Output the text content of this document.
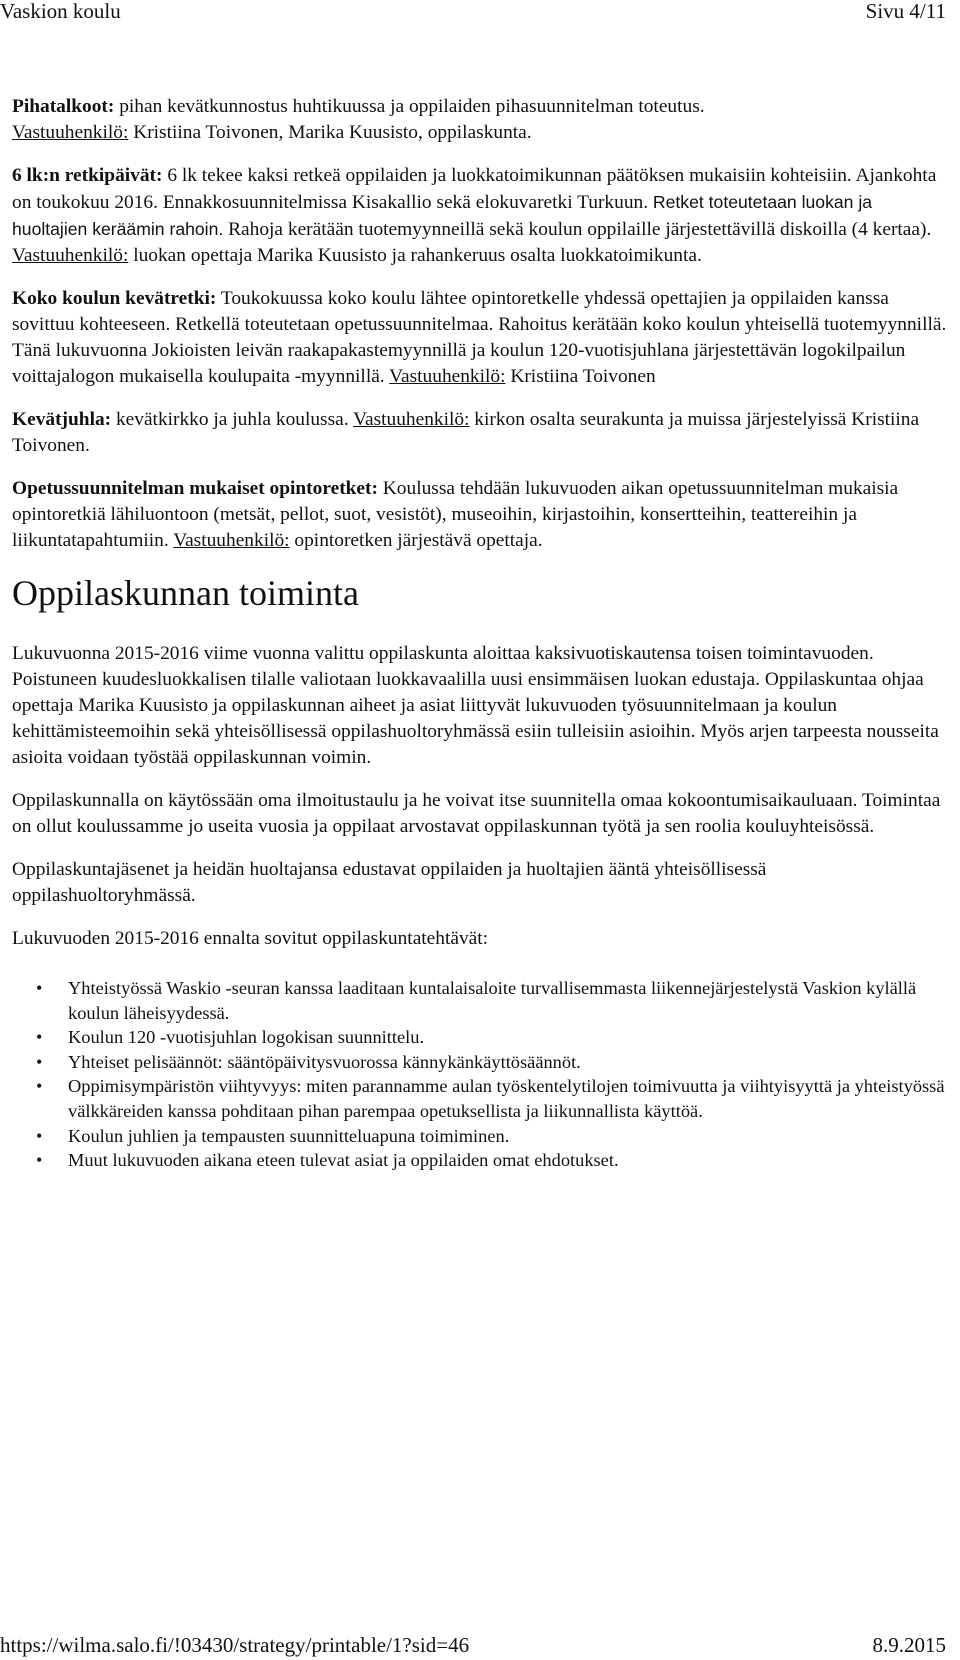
Vaskion koulu	Sivu 4/11

Pihatalkoot: pihan kevätkunnostus huhtikuussa ja oppilaiden pihasuunnitelman toteutus.
Vastuuhenkilö: Kristiina Toivonen, Marika Kuusisto, oppilaskunta.

6 lk:n retkipäivät: 6 lk tekee kaksi retkeä oppilaiden ja luokkatoimikunnan päätöksen mukaisiin kohteisiin. Ajankohta on toukokuu 2016. Ennakkosuunnitelmissa Kisakallio sekä elokuvaretki Turkuun. Retket toteutetaan luokan ja huoltajien keräämin rahoin. Rahoja kerätään tuotemyynneillä sekä koulun oppilaille järjestettävillä diskoilla (4 kertaa). Vastuuhenkilö: luokan opettaja Marika Kuusisto ja rahankeruus osalta luokkatoimikunta.

Koko koulun kevätretki: Toukokuussa koko koulu lähtee opintoretkelle yhdessä opettajien ja oppilaiden kanssa sovittuu kohteeseen. Retkellä toteutetaan opetussuunnitelmaa. Rahoitus kerätään koko koulun yhteisellä tuotemyynnillä. Tänä lukuvuonna Jokioisten leivän raakapakastemyynnillä ja koulun 120-vuotisjuhlana järjestettävän logokilpailun voittajalogon mukaisella koulupaita -myynnillä. Vastuuhenkilö: Kristiina Toivonen

Kevätjuhla: kevätkirkko ja juhla koulussa. Vastuuhenkilö: kirkon osalta seurakunta ja muissa järjestelyissä Kristiina Toivonen.

Opetussuunnitelman mukaiset opintoretket: Koulussa tehdään lukuvuoden aikan opetussuunnitelman mukaisia opintoretkiä lähiluontoon (metsät, pellot, suot, vesistöt), museoihin, kirjastoihin, konsertteihin, teattereihin ja liikuntatapahtumiin. Vastuuhenkilö: opintoretken järjestävä opettaja.

Oppilaskunnan toiminta

Lukuvuonna 2015-2016 viime vuonna valittu oppilaskunta aloittaa kaksivuotiskautensa toisen toimintavuoden. Poistuneen kuudesluokkalisen tilalle valiotaan luokkavaalilla uusi ensimmäisen luokan edustaja. Oppilaskuntaa ohjaa opettaja Marika Kuusisto ja oppilaskunnan aiheet ja asiat liittyvät lukuvuoden työsuunnitelmaan ja koulun kehittämisteemoihin sekä yhteisöllisessä oppilashuoltoryhmässä esiin tulleisiin asioihin. Myös arjen tarpeesta nousseita asioita voidaan työstää oppilaskunnan voimin.

Oppilaskunnalla on käytössään oma ilmoitustaulu ja he voivat itse suunnitella omaa kokoontumisaikauluaan. Toimintaa on ollut koulussamme jo useita vuosia ja oppilaat arvostavat oppilaskunnan työtä ja sen roolia kouluyhteisössä.

Oppilaskuntajäsenet ja heidän huoltajansa edustavat oppilaiden ja huoltajien ääntä yhteisöllisessä oppilashuoltoryhmässä.

Lukuvuoden 2015-2016 ennalta sovitut oppilaskuntatehtävät:

• Yhteistyössä Waskio -seuran kanssa laaditaan kuntalaisaloite turvallisemmasta liikennejärjestelystä Vaskion kylällä koulun läheisyydessä.
• Koulun 120 -vuotisjuhlan logokisan suunnittelu.
• Yhteiset pelisäännöt: sääntöpäivitysvuorossa kännykänkäyttösäännöt.
• Oppimisympäristön viihtyvyys: miten parannamme aulan työskentelytilojen toimivuutta ja viihtyisyyttä ja yhteistyössä välkkäreiden kanssa pohditaan pihan parempaa opetuksellista ja liikunnallista käyttöä.
• Koulun juhlien ja tempausten suunnitteluapuna toimiminen.
• Muut lukuvuoden aikana eteen tulevat asiat ja oppilaiden omat ehdotukset.
https://wilma.salo.fi/!03430/strategy/printable/1?sid=46	8.9.2015
